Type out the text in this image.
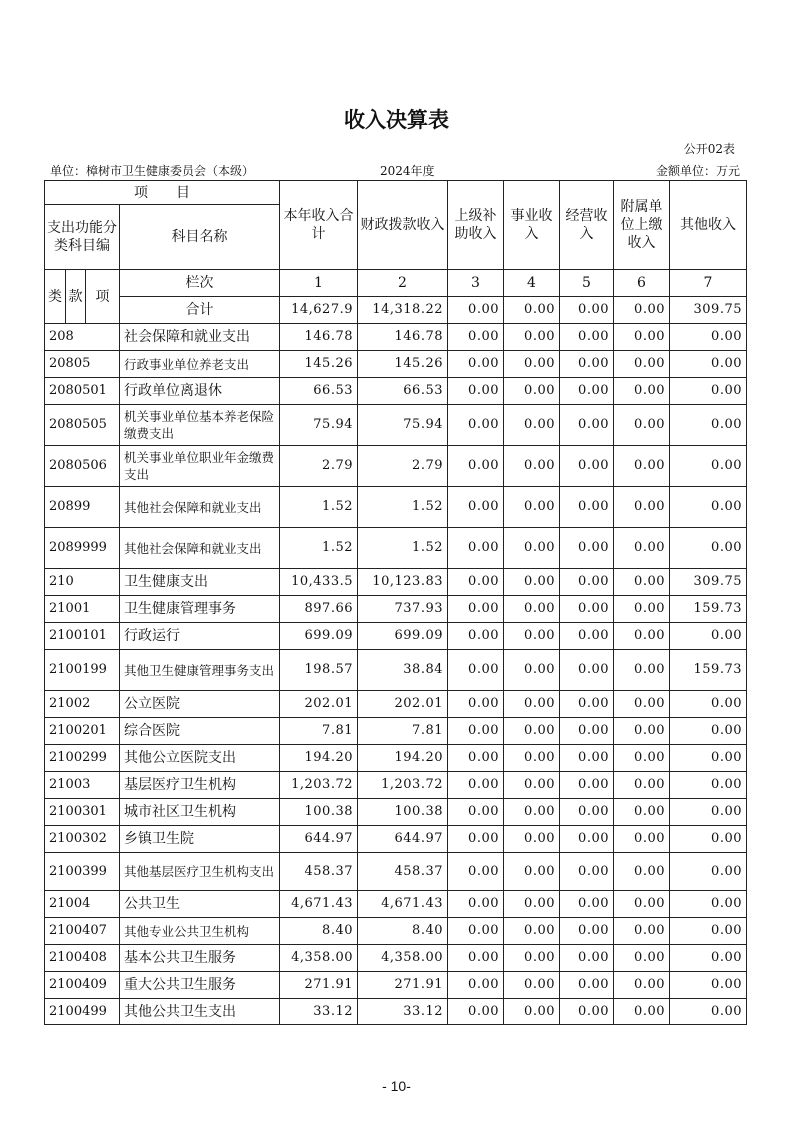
收入决算表
公开02表
单位：樟树市卫生健康委员会（本级）	2024年度	金额单位：万元
项　　目				本年收入合计	财政拨款收入	上级补助收入	事业收入	经营收入	附属单位上缴收入	其他收入
支出功能分类科目编			科目名称							
类	款	项	栏次	1	2	3	4	5	6	7
			合计	14,627.9	14,318.22	0.00	0.00	0.00	0.00	309.75
208			社会保障和就业支出	146.78	146.78	0.00	0.00	0.00	0.00	0.00
20805			行政事业单位养老支出	145.26	145.26	0.00	0.00	0.00	0.00	0.00
2080501			行政单位离退休	66.53	66.53	0.00	0.00	0.00	0.00	0.00
2080505			机关事业单位基本养老保险缴费支出	75.94	75.94	0.00	0.00	0.00	0.00	0.00
2080506			机关事业单位职业年金缴费支出	2.79	2.79	0.00	0.00	0.00	0.00	0.00
20899			其他社会保障和就业支出	1.52	1.52	0.00	0.00	0.00	0.00	0.00
2089999			其他社会保障和就业支出	1.52	1.52	0.00	0.00	0.00	0.00	0.00
210			卫生健康支出	10,433.5	10,123.83	0.00	0.00	0.00	0.00	309.75
21001			卫生健康管理事务	897.66	737.93	0.00	0.00	0.00	0.00	159.73
2100101			行政运行	699.09	699.09	0.00	0.00	0.00	0.00	0.00
2100199			其他卫生健康管理事务支出	198.57	38.84	0.00	0.00	0.00	0.00	159.73
21002			公立医院	202.01	202.01	0.00	0.00	0.00	0.00	0.00
2100201			综合医院	7.81	7.81	0.00	0.00	0.00	0.00	0.00
2100299			其他公立医院支出	194.20	194.20	0.00	0.00	0.00	0.00	0.00
21003			基层医疗卫生机构	1,203.72	1,203.72	0.00	0.00	0.00	0.00	0.00
2100301			城市社区卫生机构	100.38	100.38	0.00	0.00	0.00	0.00	0.00
2100302			乡镇卫生院	644.97	644.97	0.00	0.00	0.00	0.00	0.00
2100399			其他基层医疗卫生机构支出	458.37	458.37	0.00	0.00	0.00	0.00	0.00
21004			公共卫生	4,671.43	4,671.43	0.00	0.00	0.00	0.00	0.00
2100407			其他专业公共卫生机构	8.40	8.40	0.00	0.00	0.00	0.00	0.00
2100408			基本公共卫生服务	4,358.00	4,358.00	0.00	0.00	0.00	0.00	0.00
2100409			重大公共卫生服务	271.91	271.91	0.00	0.00	0.00	0.00	0.00
2100499			其他公共卫生支出	33.12	33.12	0.00	0.00	0.00	0.00	0.00
- 10-
